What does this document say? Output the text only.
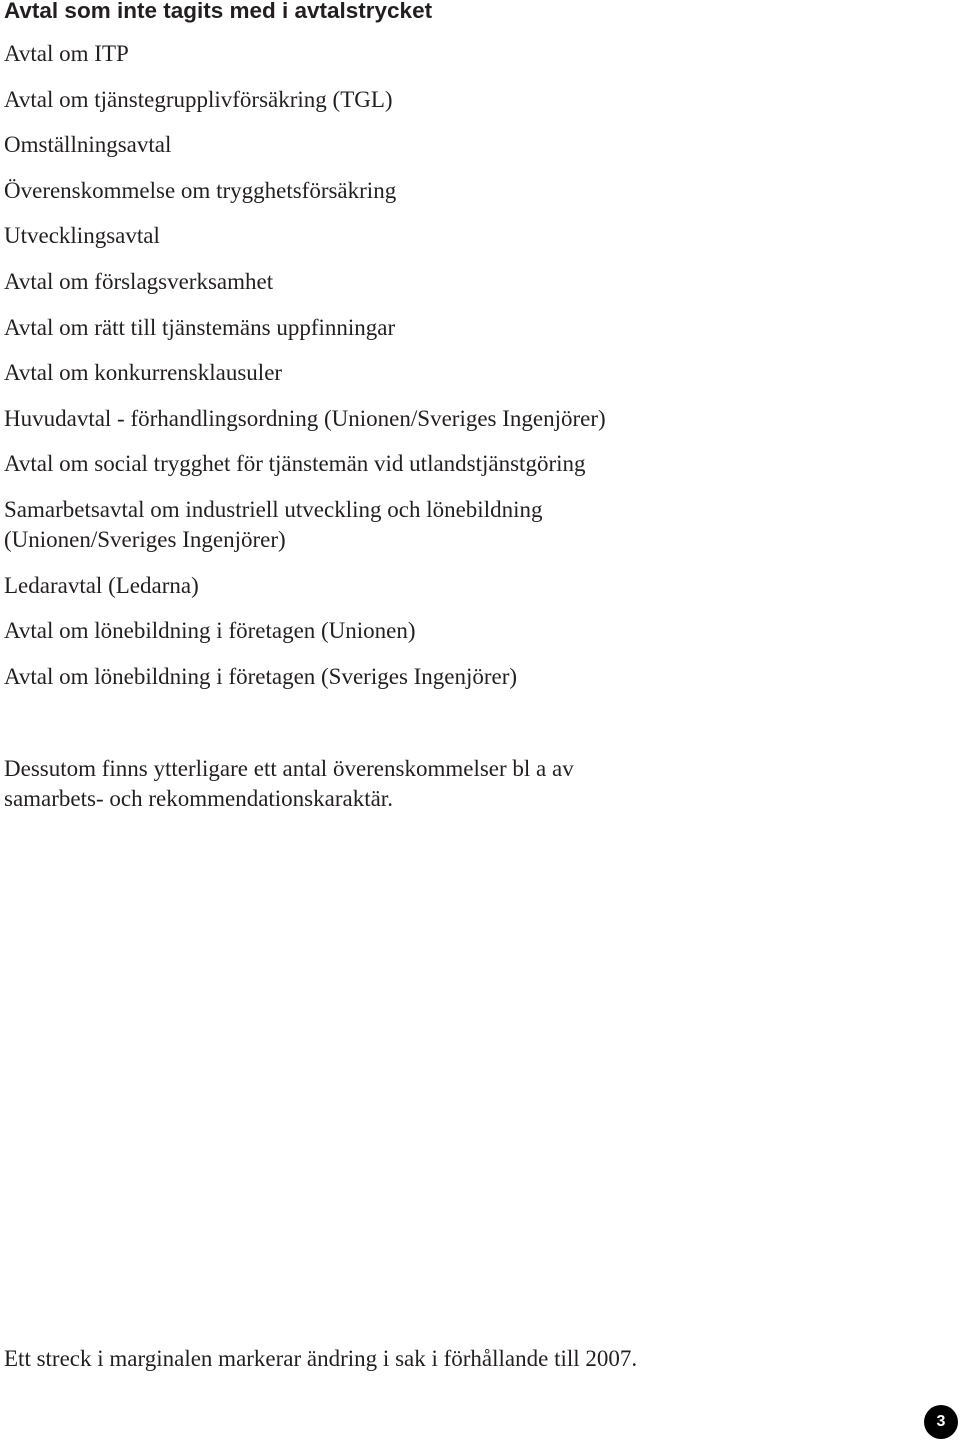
Avtal som inte tagits med i avtalstrycket
Avtal om ITP
Avtal om tjänstegrupplivförsäkring (TGL)
Omställningsavtal
Överenskommelse om trygghetsförsäkring
Utvecklingsavtal
Avtal om förslagsverksamhet
Avtal om rätt till tjänstemäns uppfinningar
Avtal om konkurrensklausuler
Huvudavtal - förhandlingsordning (Unionen/Sveriges Ingenjörer)
Avtal om social trygghet för tjänstemän vid utlandstjänstgöring
Samarbetsavtal om industriell utveckling och lönebildning (Unionen/Sveriges Ingenjörer)
Ledaravtal (Ledarna)
Avtal om lönebildning i företagen (Unionen)
Avtal om lönebildning i företagen (Sveriges Ingenjörer)

Dessutom finns ytterligare ett antal överenskommelser bl a av samarbets- och rekommendationskaraktär.

Ett streck i marginalen markerar ändring i sak i förhållande till 2007.

3
